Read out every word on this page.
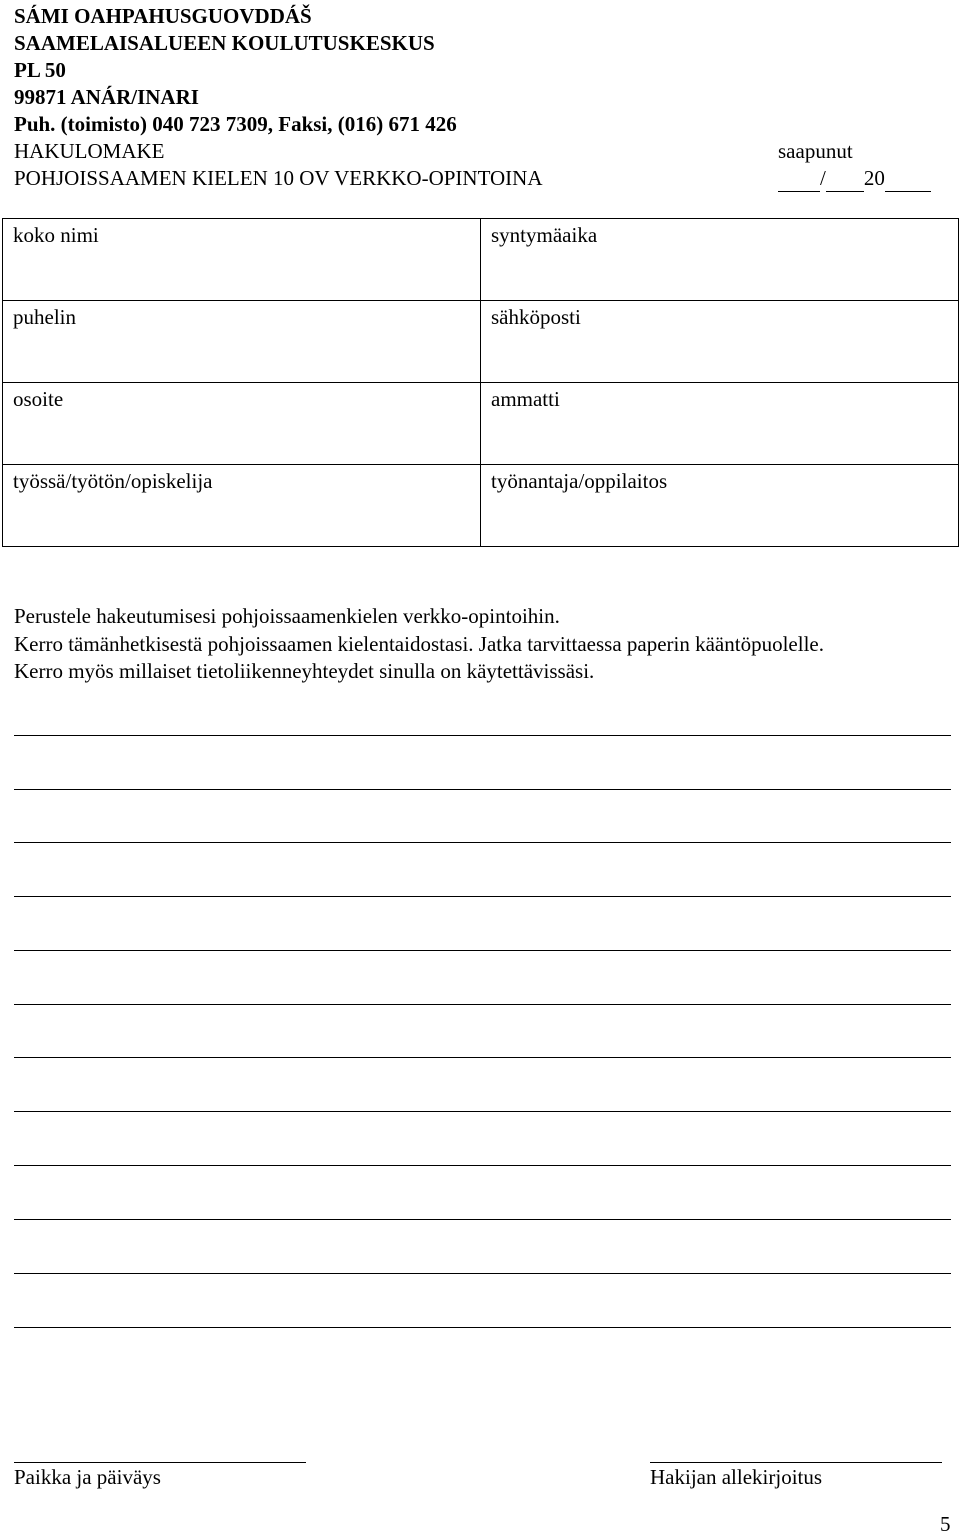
SÁMI OAHPAHUSGUOVDDÁŠ
SAAMELAISALUEEN KOULUTUSKESKUS
PL 50
99871 ANÁR/INARI
Puh. (toimisto) 040 723 7309, Faksi, (016) 671 426
HAKULOMAKE
POHJOISSAAMEN KIELEN 10 OV VERKKO-OPINTOINA
saapunut
/ 20
koko nimi	syntymäaika
puhelin	sähköposti
osoite	ammatti
työssä/työtön/opiskelija	työnantaja/oppilaitos
Perustele hakeutumisesi pohjoissaamenkielen verkko-opintoihin.
Kerro tämänhetkisestä pohjoissaamen kielentaidostasi. Jatka tarvittaessa paperin kääntöpuolelle.
Kerro myös millaiset tietoliikenneyhteydet sinulla on käytettävissäsi.
Paikka ja päiväys	Hakijan allekirjoitus
5
